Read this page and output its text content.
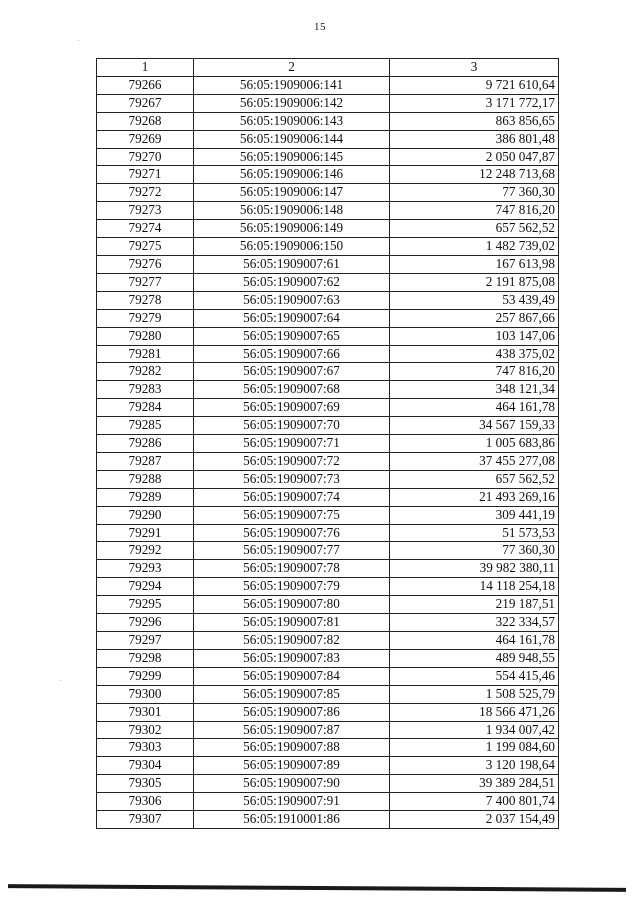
15
1	2	3
79266	56:05:1909006:141	9 721 610,64
79267	56:05:1909006:142	3 171 772,17
79268	56:05:1909006:143	863 856,65
79269	56:05:1909006:144	386 801,48
79270	56:05:1909006:145	2 050 047,87
79271	56:05:1909006:146	12 248 713,68
79272	56:05:1909006:147	77 360,30
79273	56:05:1909006:148	747 816,20
79274	56:05:1909006:149	657 562,52
79275	56:05:1909006:150	1 482 739,02
79276	56:05:1909007:61	167 613,98
79277	56:05:1909007:62	2 191 875,08
79278	56:05:1909007:63	53 439,49
79279	56:05:1909007:64	257 867,66
79280	56:05:1909007:65	103 147,06
79281	56:05:1909007:66	438 375,02
79282	56:05:1909007:67	747 816,20
79283	56:05:1909007:68	348 121,34
79284	56:05:1909007:69	464 161,78
79285	56:05:1909007:70	34 567 159,33
79286	56:05:1909007:71	1 005 683,86
79287	56:05:1909007:72	37 455 277,08
79288	56:05:1909007:73	657 562,52
79289	56:05:1909007:74	21 493 269,16
79290	56:05:1909007:75	309 441,19
79291	56:05:1909007:76	51 573,53
79292	56:05:1909007:77	77 360,30
79293	56:05:1909007:78	39 982 380,11
79294	56:05:1909007:79	14 118 254,18
79295	56:05:1909007:80	219 187,51
79296	56:05:1909007:81	322 334,57
79297	56:05:1909007:82	464 161,78
79298	56:05:1909007:83	489 948,55
79299	56:05:1909007:84	554 415,46
79300	56:05:1909007:85	1 508 525,79
79301	56:05:1909007:86	18 566 471,26
79302	56:05:1909007:87	1 934 007,42
79303	56:05:1909007:88	1 199 084,60
79304	56:05:1909007:89	3 120 198,64
79305	56:05:1909007:90	39 389 284,51
79306	56:05:1909007:91	7 400 801,74
79307	56:05:1910001:86	2 037 154,49
